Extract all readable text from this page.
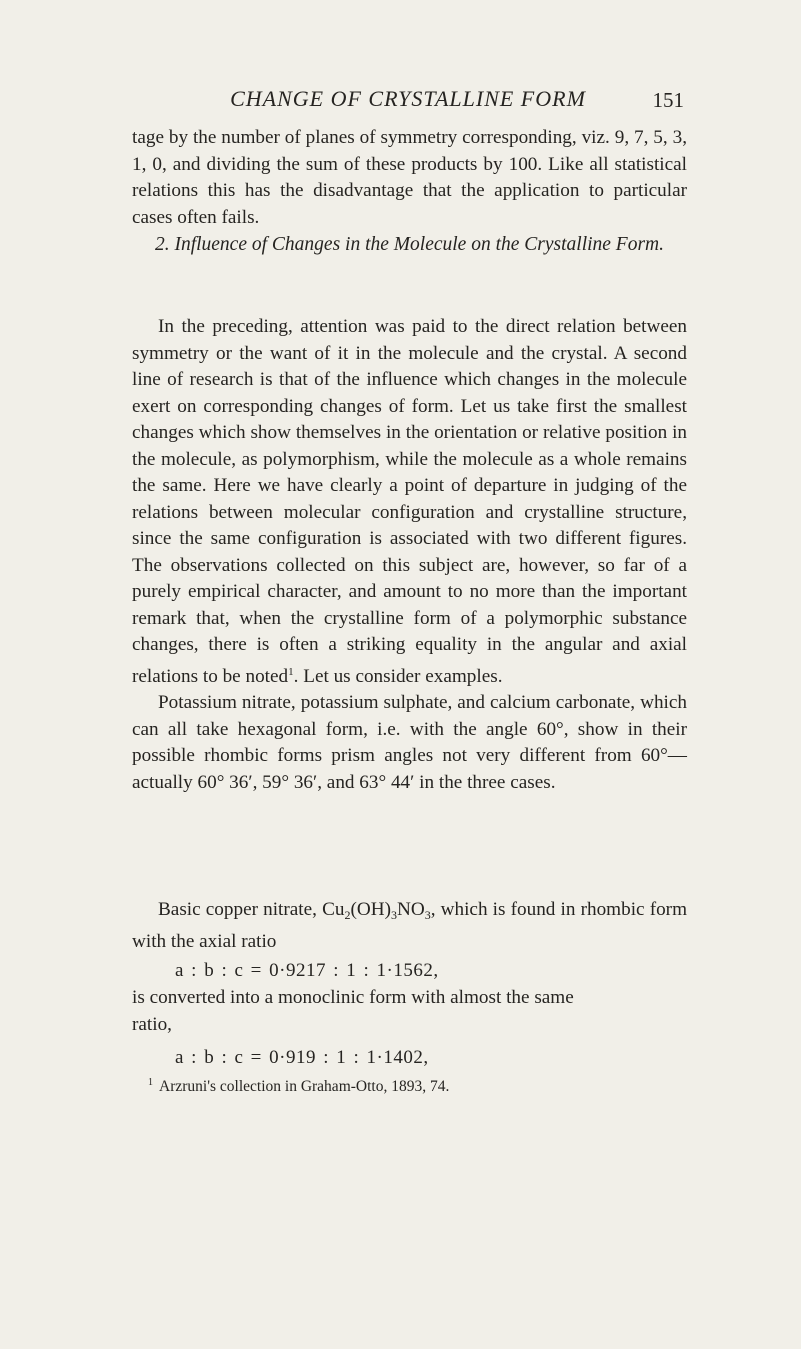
CHANGE OF CRYSTALLINE FORM	151

tage by the number of planes of symmetry corresponding, viz. 9, 7, 5, 3, 1, 0, and dividing the sum of these products by 100. Like all statistical relations this has the disadvantage that the application to particular cases often fails.

2. Influence of Changes in the Molecule on the Crystalline Form.
In the preceding, attention was paid to the direct relation between symmetry or the want of it in the molecule and the crystal. A second line of research is that of the influence which changes in the molecule exert on corresponding changes of form. Let us take first the smallest changes which show themselves in the orientation or relative position in the molecule, as polymorphism, while the molecule as a whole remains the same. Here we have clearly a point of departure in judging of the relations between molecular configuration and crystalline structure, since the same configuration is associated with two different figures. The observations collected on this subject are, however, so far of a purely empirical character, and amount to no more than the important remark that, when the crystalline form of a polymorphic substance changes, there is often a striking equality in the angular and axial relations to be noted$^1$. Let us consider examples.
Potassium nitrate, potassium sulphate, and calcium carbonate, which can all take hexagonal form, i.e. with the angle 60°, show in their possible rhombic forms prism angles not very different from 60°—actually 60° 36′, 59° 36′, and 63° 44′ in the three cases.
Basic copper nitrate, $Cu_2(OH)_3NO_3$, which is found in rhombic form with the axial ratio
a : b : c = 0·9217 : 1 : 1·1562,
is converted into a monoclinic form with almost the same
ratio,
a : b : c = 0·919 : 1 : 1·1402,
$^1$ Arzruni's collection in Graham-Otto, 1893, 74.
